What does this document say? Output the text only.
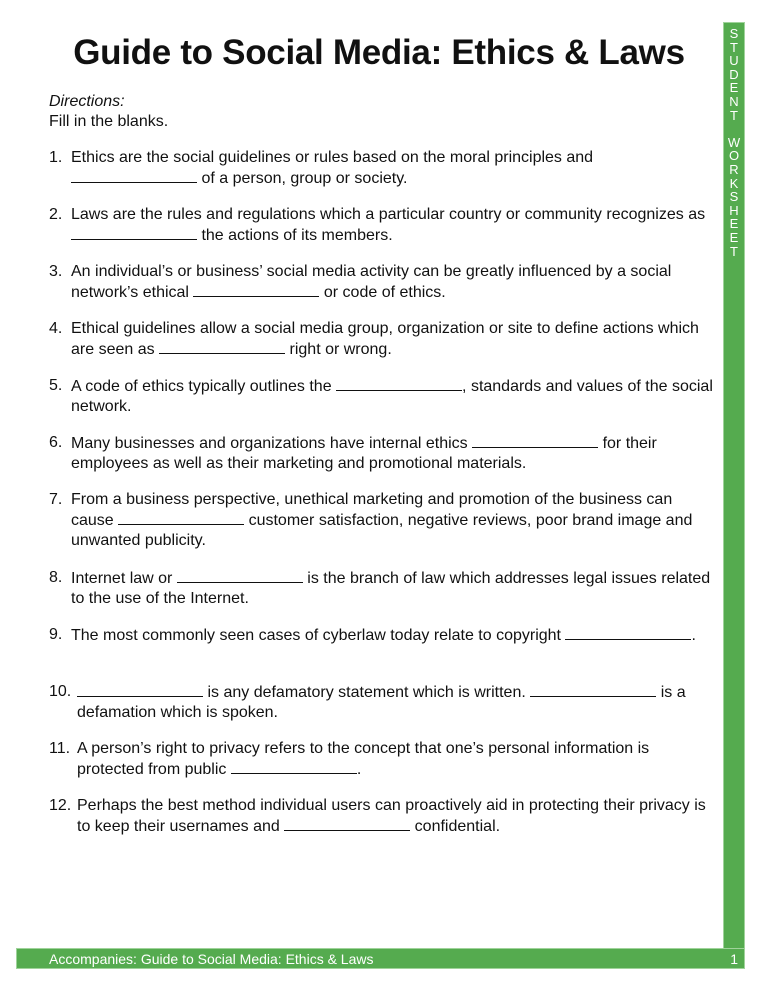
S
T
U
D
E
N
T

W
O
R
K
S
H
E
E
T
Guide to Social Media: Ethics & Laws
Directions:
Fill in the blanks.
1. Ethics are the social guidelines or rules based on the moral principles and  of a person, group or society.
2. Laws are the rules and regulations which a particular country or community recognizes as  the actions of its members.
3. An individual’s or business’ social media activity can be greatly influenced by a social network’s ethical	or code of ethics.
4. Ethical guidelines allow a social media group, organization or site to define actions which are seen as	right or wrong.
5. A code of ethics typically outlines the	, standards and values of the social network.
6. Many businesses and organizations have internal ethics	for their employees as well as their marketing and promotional materials.
7. From a business perspective, unethical marketing and promotion of the business can cause	customer satisfaction, negative reviews, poor brand image and unwanted publicity.
8. Internet law or	is the branch of law which addresses legal issues related to the use of the Internet.
9. The most commonly seen cases of cyberlaw today relate to copyright	.
10.	is any defamatory statement which is written.	is a defamation which is spoken.
11. A person’s right to privacy refers to the concept that one’s personal information is protected from public	.
12. Perhaps the best method individual users can proactively aid in protecting their privacy is to keep their usernames and	confidential.
Accompanies: Guide to Social Media: Ethics & Laws	1
